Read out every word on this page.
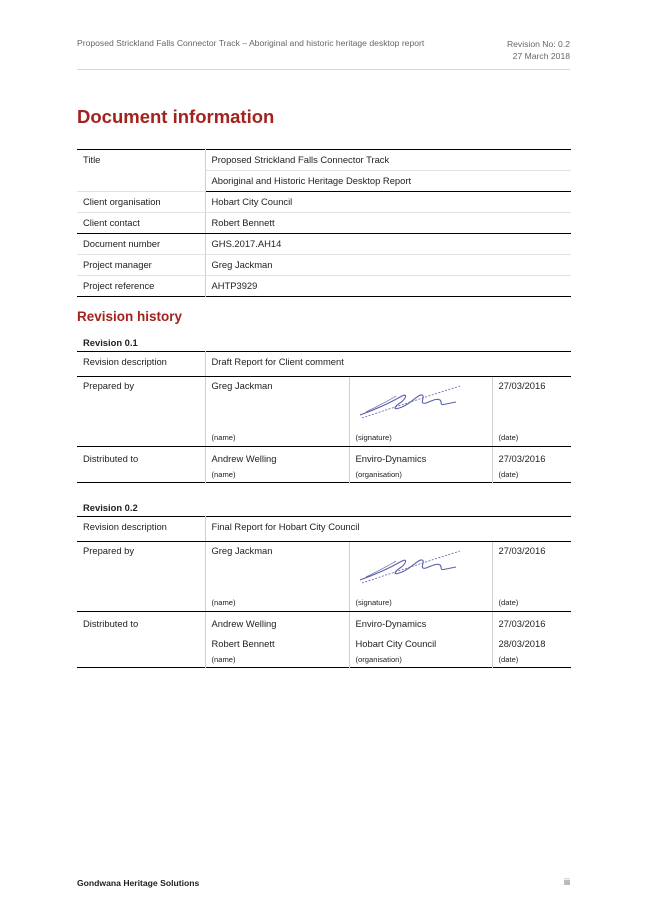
Proposed Strickland Falls Connector Track – Aboriginal and historic heritage desktop report	Revision No: 0.2
27 March 2018
Document information
Title	Proposed Strickland Falls Connector Track
	Aboriginal and Historic Heritage Desktop Report
Client organisation	Hobart City Council
Client contact	Robert Bennett
Document number	GHS.2017.AH14
Project manager	Greg Jackman
Project reference	AHTP3929
Revision history
Revision 0.1
Revision description	Draft Report for Client comment		
Prepared by	Greg Jackman		27/03/2016
	(name)	(signature)	(date)
Distributed to	Andrew Welling	Enviro-Dynamics	27/03/2016
	(name)	(organisation)	(date)
Revision 0.2
Revision description	Final Report for Hobart City Council		
Prepared by	Greg Jackman		27/03/2016
	(name)	(signature)	(date)
Distributed to	Andrew Welling	Enviro-Dynamics	27/03/2016
	Robert Bennett	Hobart City Council	28/03/2018
	(name)	(organisation)	(date)
Gondwana Heritage Solutions	iii
